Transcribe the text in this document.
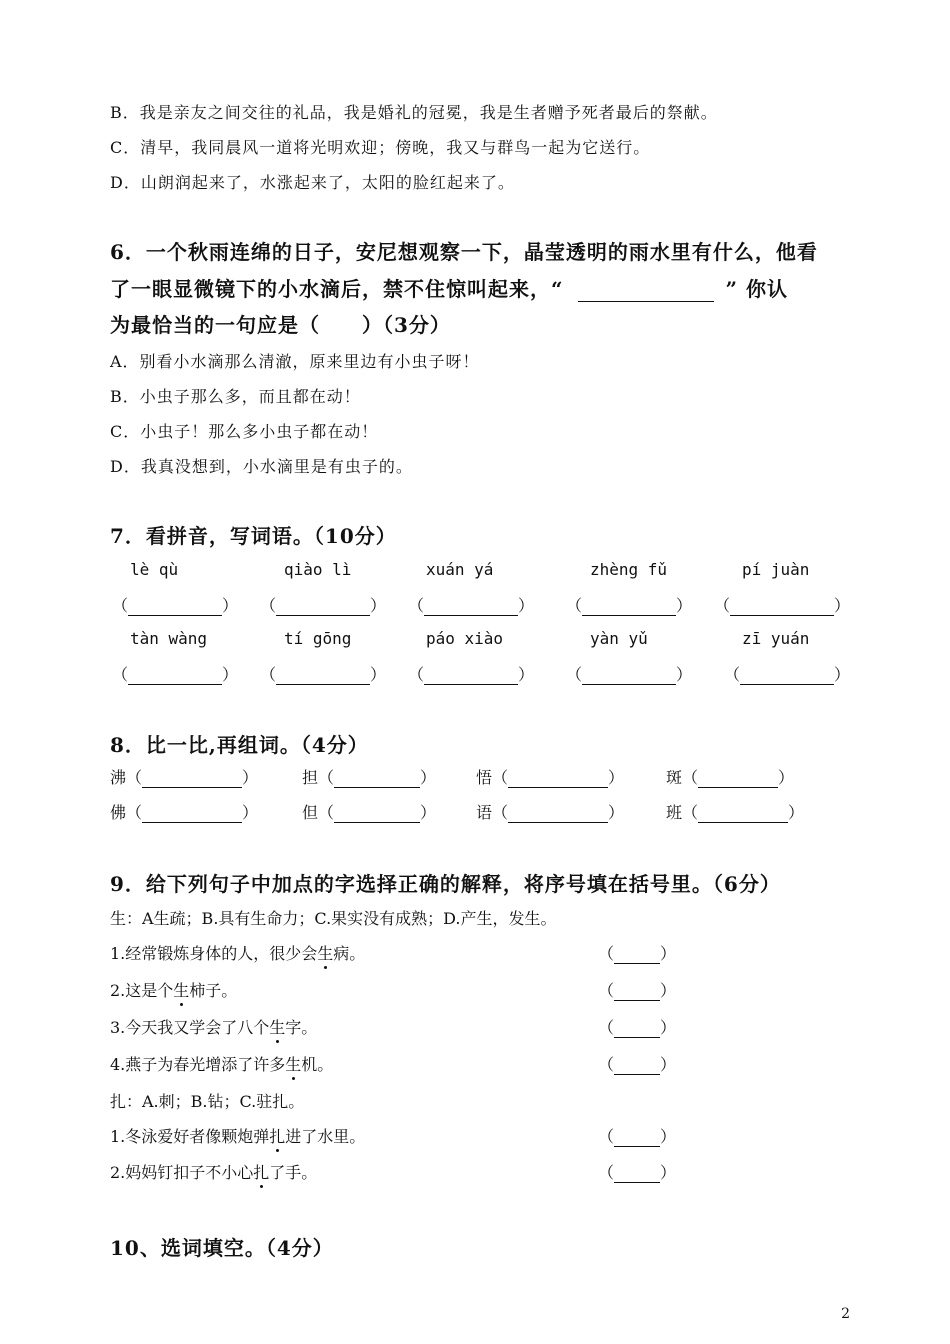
B．我是亲友之间交往的礼品，我是婚礼的冠冕，我是生者赠予死者最后的祭献。
C．清早，我同晨风一道将光明欢迎；傍晚，我又与群鸟一起为它送行。
D．山朗润起来了，水涨起来了，太阳的脸红起来了。
6．一个秋雨连绵的日子，安尼想观察一下，晶莹透明的雨水里有什么，他看
了一眼显微镜下的小水滴后，禁不住惊叫起来，“	” 你认
为最恰当的一句应是（　　）（3分）
A．别看小水滴那么清澈，原来里边有小虫子呀！
B．小虫子那么多，而且都在动！
C．小虫子！那么多小虫子都在动！
D．我真没想到，小水滴里是有虫子的。
7．看拼音，写词语。（10分）
lè qù	qiào lì	xuán yá	zhèng fǔ	pí juàn
（	） （	） （	） （	） （	）
tàn wàng	tí gōng	páo xiào	yàn yǔ	zī yuán
（	） （	） （	） （	） （	）
8．比一比,再组词。（4分）
沸（	）	担（	） 悟（	）	斑（	）
佛（	）	但（	） 语（	）	班（	）
9．给下列句子中加点的字选择正确的解释，将序号填在括号里。（6分）
生：A生疏；B.具有生命力；C.果实没有成熟；D.产生，发生。
1.经常锻炼身体的人，很少会生病。	（	）
2.这是个生柿子。	（	）
3.今天我又学会了八个生字。	（	）
4.燕子为春光增添了许多生机。	（	）
扎：A.刺；B.钻；C.驻扎。
1.冬泳爱好者像颗炮弹扎进了水里。	（	）
2.妈妈钉扣子不小心扎了手。	（	）
10、选词填空。（4分）
2
